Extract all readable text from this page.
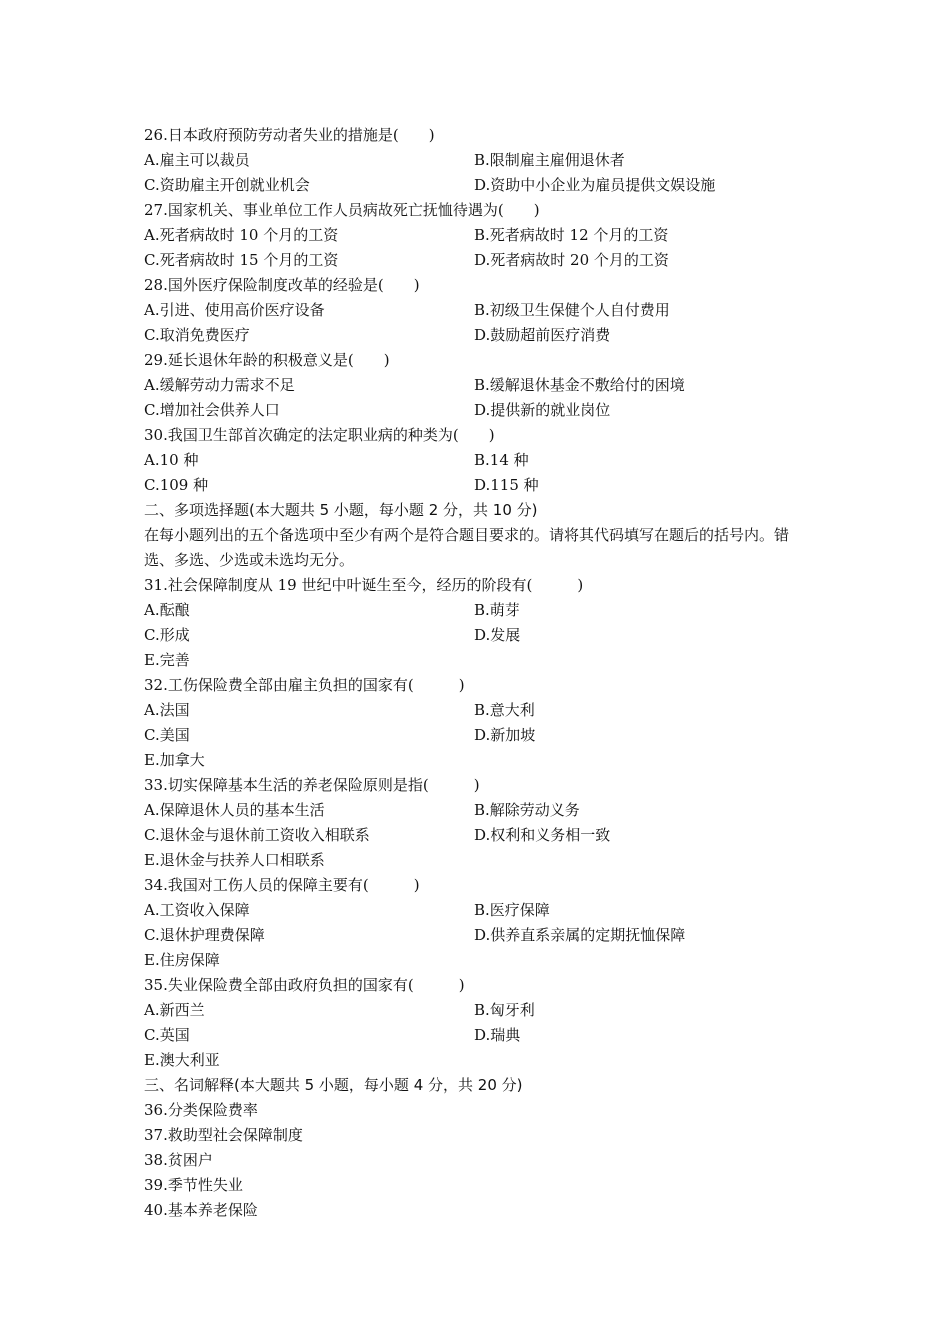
26.日本政府预防劳动者失业的措施是(　　)
A.雇主可以裁员	B.限制雇主雇佣退休者
C.资助雇主开创就业机会	D.资助中小企业为雇员提供文娱设施
27.国家机关、事业单位工作人员病故死亡抚恤待遇为(　　)
A.死者病故时 10 个月的工资	B.死者病故时 12 个月的工资
C.死者病故时 15 个月的工资	D.死者病故时 20 个月的工资
28.国外医疗保险制度改革的经验是(　　)
A.引进、使用高价医疗设备	B.初级卫生保健个人自付费用
C.取消免费医疗	D.鼓励超前医疗消费
29.延长退休年龄的积极意义是(　　)
A.缓解劳动力需求不足	B.缓解退休基金不敷给付的困境
C.增加社会供养人口	D.提供新的就业岗位
30.我国卫生部首次确定的法定职业病的种类为(　　)
A.10 种	B.14 种
C.109 种	D.115 种
二、多项选择题(本大题共 5 小题，每小题 2 分，共 10 分)
在每小题列出的五个备选项中至少有两个是符合题目要求的。请将其代码填写在题后的括号内。错选、多选、少选或未选均无分。
31.社会保障制度从 19 世纪中叶诞生至今，经历的阶段有(　　　)
A.酝酿	B.萌芽
C.形成	D.发展
E.完善
32.工伤保险费全部由雇主负担的国家有(　　　)
A.法国	B.意大利
C.美国	D.新加坡
E.加拿大
33.切实保障基本生活的养老保险原则是指(　　　)
A.保障退休人员的基本生活	B.解除劳动义务
C.退休金与退休前工资收入相联系	D.权利和义务相一致
E.退休金与扶养人口相联系
34.我国对工伤人员的保障主要有(　　　)
A.工资收入保障	B.医疗保障
C.退休护理费保障	D.供养直系亲属的定期抚恤保障
E.住房保障
35.失业保险费全部由政府负担的国家有(　　　)
A.新西兰	B.匈牙利
C.英国	D.瑞典
E.澳大利亚
三、名词解释(本大题共 5 小题，每小题 4 分，共 20 分)
36.分类保险费率
37.救助型社会保障制度
38.贫困户
39.季节性失业
40.基本养老保险
